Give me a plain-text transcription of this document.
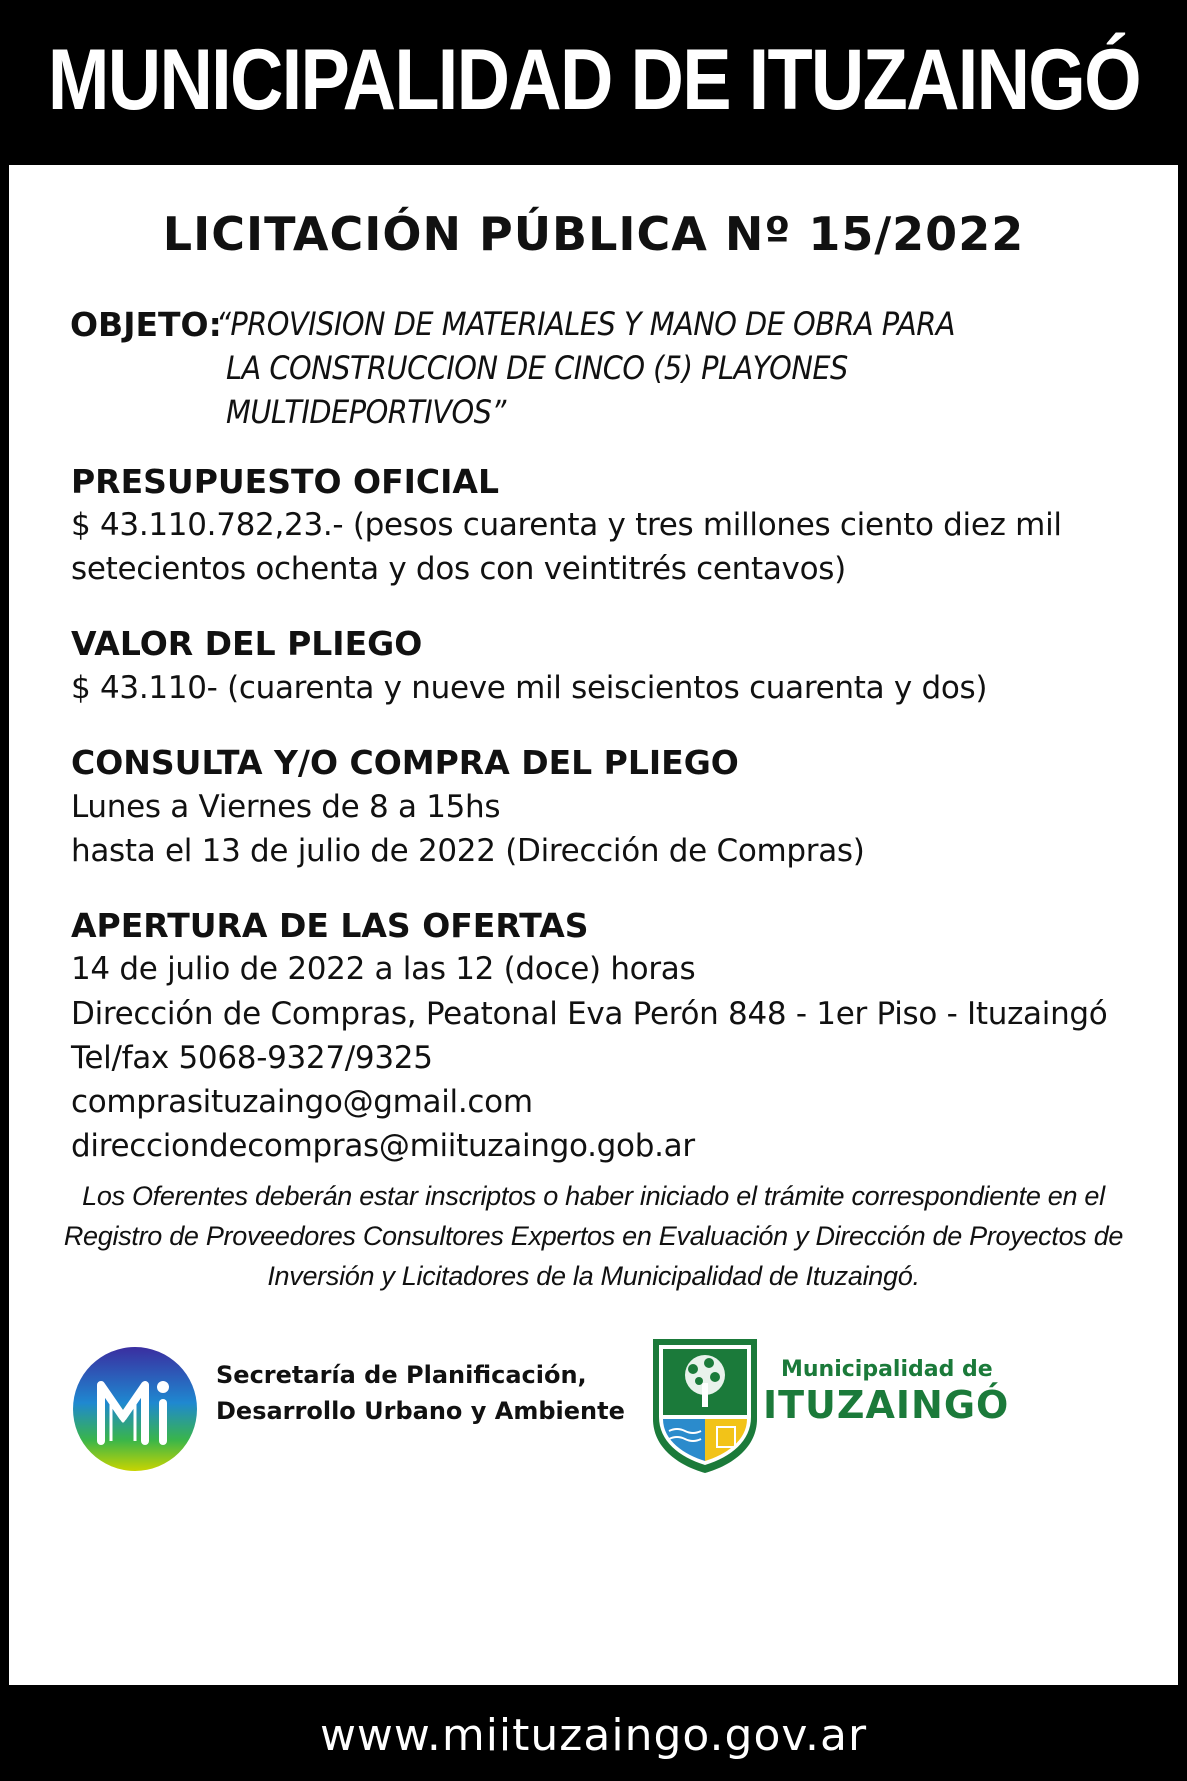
MUNICIPALIDAD DE ITUZAINGÓ
LICITACIÓN PÚBLICA Nº 15/2022
OBJETO:
“PROVISION DE MATERIALES Y MANO DE OBRA PARA
LA CONSTRUCCION DE CINCO (5) PLAYONES
MULTIDEPORTIVOS”
PRESUPUESTO OFICIAL
$ 43.110.782,23.- (pesos cuarenta y tres millones ciento diez mil
setecientos ochenta y dos con veintitrés centavos)
VALOR DEL PLIEGO
$ 43.110- (cuarenta y nueve mil seiscientos cuarenta y dos)
CONSULTA Y/O COMPRA DEL PLIEGO
Lunes a Viernes de 8 a 15hs
hasta el 13 de julio de 2022 (Dirección de Compras)
APERTURA DE LAS OFERTAS
14 de julio de 2022 a las 12 (doce) horas
Dirección de Compras, Peatonal Eva Perón 848 - 1er Piso - Ituzaingó
Tel/fax 5068-9327/9325
comprasituzaingo@gmail.com
direcciondecompras@miituzaingo.gob.ar
Los Oferentes deberán estar inscriptos o haber iniciado el trámite correspondiente en el
Registro de Proveedores Consultores Expertos en Evaluación y Dirección de Proyectos de
Inversión y Licitadores de la Municipalidad de Ituzaingó.
Secretaría de Planificación,
Desarrollo Urbano y Ambiente
Municipalidad de
ITUZAINGÓ
www.miituzaingo.gov.ar
